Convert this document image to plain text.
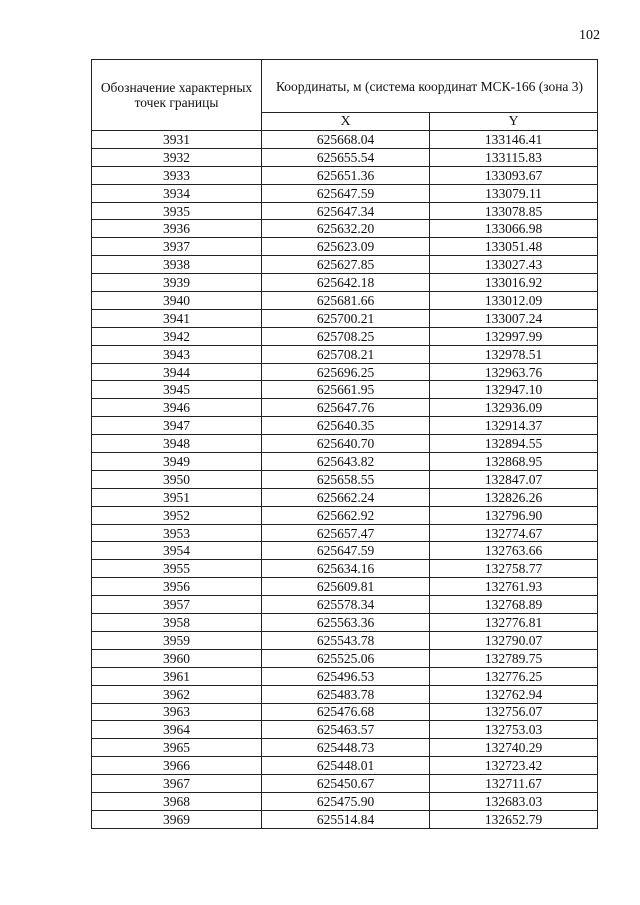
102
Обозначение характерных точек границы	Координаты, м (система координат МСК-166 (зона 3)	
	X	Y
3931	625668.04	133146.41
3932	625655.54	133115.83
3933	625651.36	133093.67
3934	625647.59	133079.11
3935	625647.34	133078.85
3936	625632.20	133066.98
3937	625623.09	133051.48
3938	625627.85	133027.43
3939	625642.18	133016.92
3940	625681.66	133012.09
3941	625700.21	133007.24
3942	625708.25	132997.99
3943	625708.21	132978.51
3944	625696.25	132963.76
3945	625661.95	132947.10
3946	625647.76	132936.09
3947	625640.35	132914.37
3948	625640.70	132894.55
3949	625643.82	132868.95
3950	625658.55	132847.07
3951	625662.24	132826.26
3952	625662.92	132796.90
3953	625657.47	132774.67
3954	625647.59	132763.66
3955	625634.16	132758.77
3956	625609.81	132761.93
3957	625578.34	132768.89
3958	625563.36	132776.81
3959	625543.78	132790.07
3960	625525.06	132789.75
3961	625496.53	132776.25
3962	625483.78	132762.94
3963	625476.68	132756.07
3964	625463.57	132753.03
3965	625448.73	132740.29
3966	625448.01	132723.42
3967	625450.67	132711.67
3968	625475.90	132683.03
3969	625514.84	132652.79
